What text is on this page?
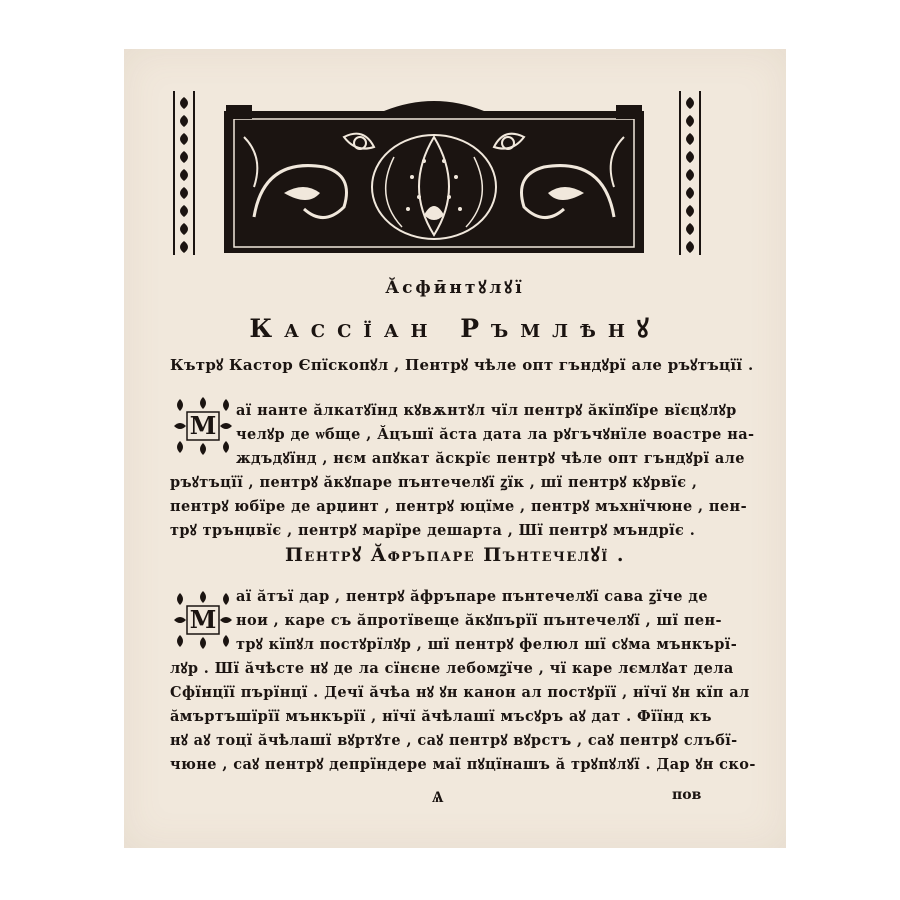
Ӑсфӣнтꙋлꙋї
Кассїан Ръмлѣнꙋ
Кътрꙋ Кастор Єпїскопꙋл , Пентрꙋ чѣле опт гъндꙋрї але ръꙋтъцїї .
М
аї нанте ăлкатꙋїнд кꙋвѫнтꙋл чїл пентрꙋ ăкїпꙋїре вїєцꙋлꙋр
челꙋр де ѡбще , Ӑцъшї ăста дата ла рꙋгъчꙋнїле воастре на-
ждъдꙋїнд , нєм апꙋкат ăскрїє пентрꙋ чѣле опт гъндꙋрї але
ръꙋтъцїї , пентрꙋ ăкꙋпаре пънтечелꙋї ꙁїк , шї пентрꙋ кꙋрвїє ,
пентрꙋ юбїре де арџинт , пентрꙋ юцїме , пентрꙋ мъхнїчюне , пен-
трꙋ трънџвїє , пентрꙋ марїре дешарта , Шї пентрꙋ мъндрїє .
Пентрꙋ Ӑфръпаре Пънтечелꙋї .
М
аї ăтъї дар , пентрꙋ ăфръпаре пънтечелꙋї сава ꙁїче де
нои , каре съ ăпротївеще ăкꙋпърїї пънтечелꙋї , шї пен-
трꙋ кїпꙋл постꙋрїлꙋр , шї пентрꙋ фелюл шї сꙋма мънкърї-
лꙋр . Шї ăчѣсте нꙋ де ла сїнєне лебомꙁїче , чї каре лємлꙋат дела
Сфїнцїї пърїнцї . Дечї ăчѣа нꙋ ꙋн канон ал постꙋрїї , нїчї ꙋн кїп ал
ăмъртъшїрїї мънкърїї , нїчї ăчѣлашї мъсꙋръ аꙋ дат . Фїїнд къ
нꙋ аꙋ тоцї ăчѣлашї вꙋртꙋте , саꙋ пентрꙋ вꙋрстъ , саꙋ пентрꙋ слъбї-
чюне , саꙋ пентрꙋ депрїндере маї пꙋцїнашъ ă трꙋпꙋлꙋї . Дар ꙋн ско-
Ѧ	пов
